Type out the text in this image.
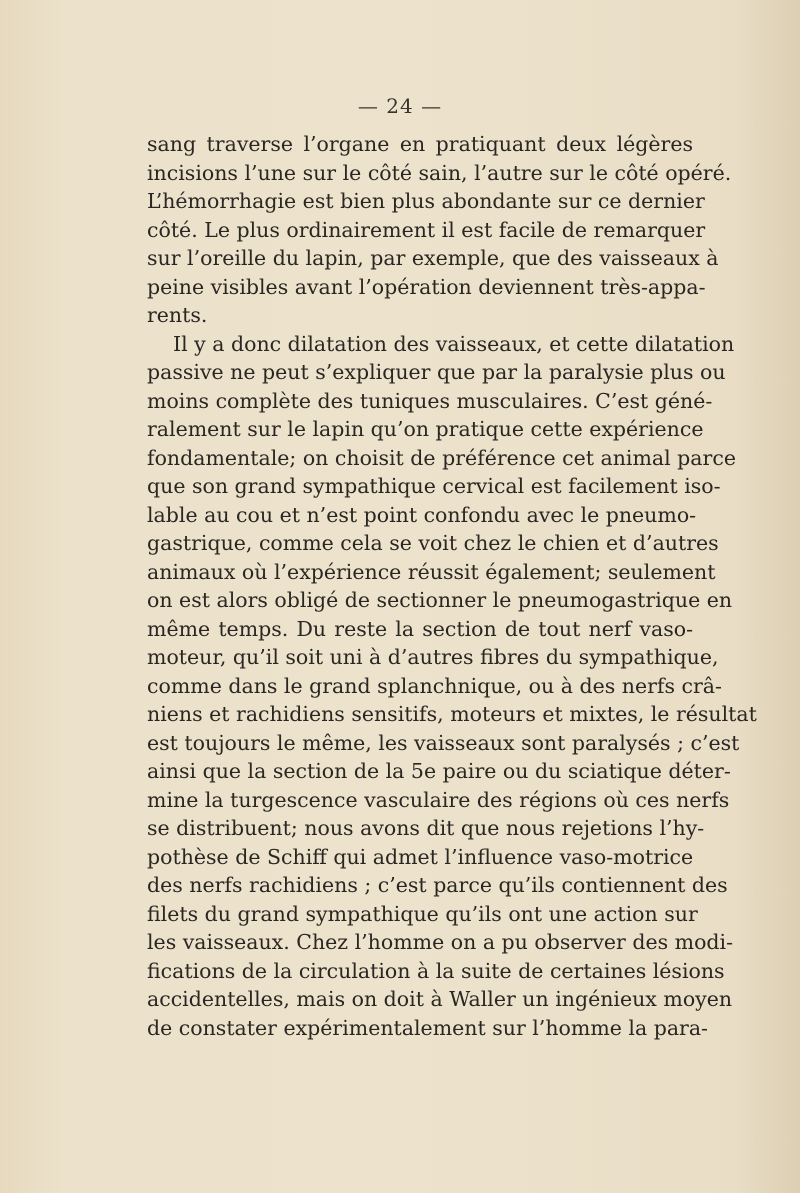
— 24 —
sang traverse l’organe en pratiquant deux légères
incisions l’une sur le côté sain, l’autre sur le côté opéré.
L’hémorrhagie est bien plus abondante sur ce dernier
côté. Le plus ordinairement il est facile de remarquer
sur l’oreille du lapin, par exemple, que des vaisseaux à
peine visibles avant l’opération deviennent très-appa-
rents.
Il y a donc dilatation des vaisseaux, et cette dilatation
passive ne peut s’expliquer que par la paralysie plus ou
moins complète des tuniques musculaires. C’est géné-
ralement sur le lapin qu’on pratique cette expérience
fondamentale; on choisit de préférence cet animal parce
que son grand sympathique cervical est facilement iso-
lable au cou et n’est point confondu avec le pneumo-
gastrique, comme cela se voit chez le chien et d’autres
animaux où l’expérience réussit également; seulement
on est alors obligé de sectionner le pneumogastrique en
même temps. Du reste la section de tout nerf vaso-
moteur, qu’il soit uni à d’autres fibres du sympathique,
comme dans le grand splanchnique, ou à des nerfs crâ-
niens et rachidiens sensitifs, moteurs et mixtes, le résultat
est toujours le même, les vaisseaux sont paralysés ; c’est
ainsi que la section de la 5e paire ou du sciatique déter-
mine la turgescence vasculaire des régions où ces nerfs
se distribuent; nous avons dit que nous rejetions l’hy-
pothèse de Schiff qui admet l’influence vaso-motrice
des nerfs rachidiens ; c’est parce qu’ils contiennent des
filets du grand sympathique qu’ils ont une action sur
les vaisseaux. Chez l’homme on a pu observer des modi-
fications de la circulation à la suite de certaines lésions
accidentelles, mais on doit à Waller un ingénieux moyen
de constater expérimentalement sur l’homme la para-
